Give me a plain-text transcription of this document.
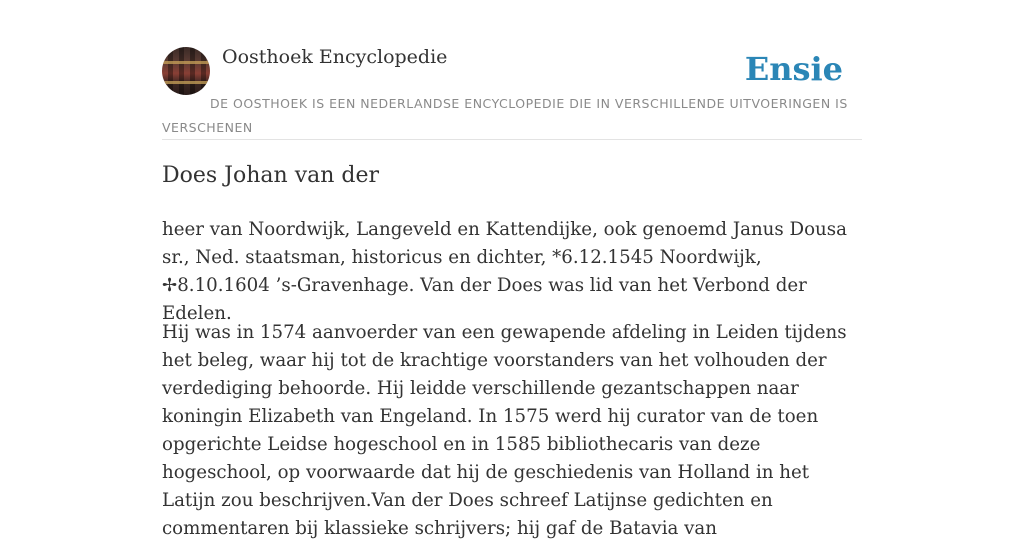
Oosthoek Encyclopedie	Ensie
DE OOSTHOEK IS EEN NEDERLANDSE ENCYCLOPEDIE DIE IN VERSCHILLENDE UITVOERINGEN IS VERSCHENEN
Does Johan van der

heer van Noordwijk, Langeveld en Kattendijke, ook genoemd Janus Dousa sr., Ned. staatsman, historicus en dichter, *6.12.1545 Noordwijk, ✢8.10.1604 ’s-Gravenhage. Van der Does was lid van het Verbond der Edelen.

Hij was in 1574 aanvoerder van een gewapende afdeling in Leiden tijdens het beleg, waar hij tot de krachtige voorstanders van het volhouden der verdediging behoorde. Hij leidde verschillende gezantschappen naar koningin Elizabeth van Engeland. In 1575 werd hij curator van de toen opgerichte Leidse hogeschool en in 1585 bibliothecaris van deze hogeschool, op voorwaarde dat hij de geschiedenis van Holland in het Latijn zou beschrijven.Van der Does schreef Latijnse gedichten en commentaren bij klassieke schrijvers; hij gaf de Batavia van
